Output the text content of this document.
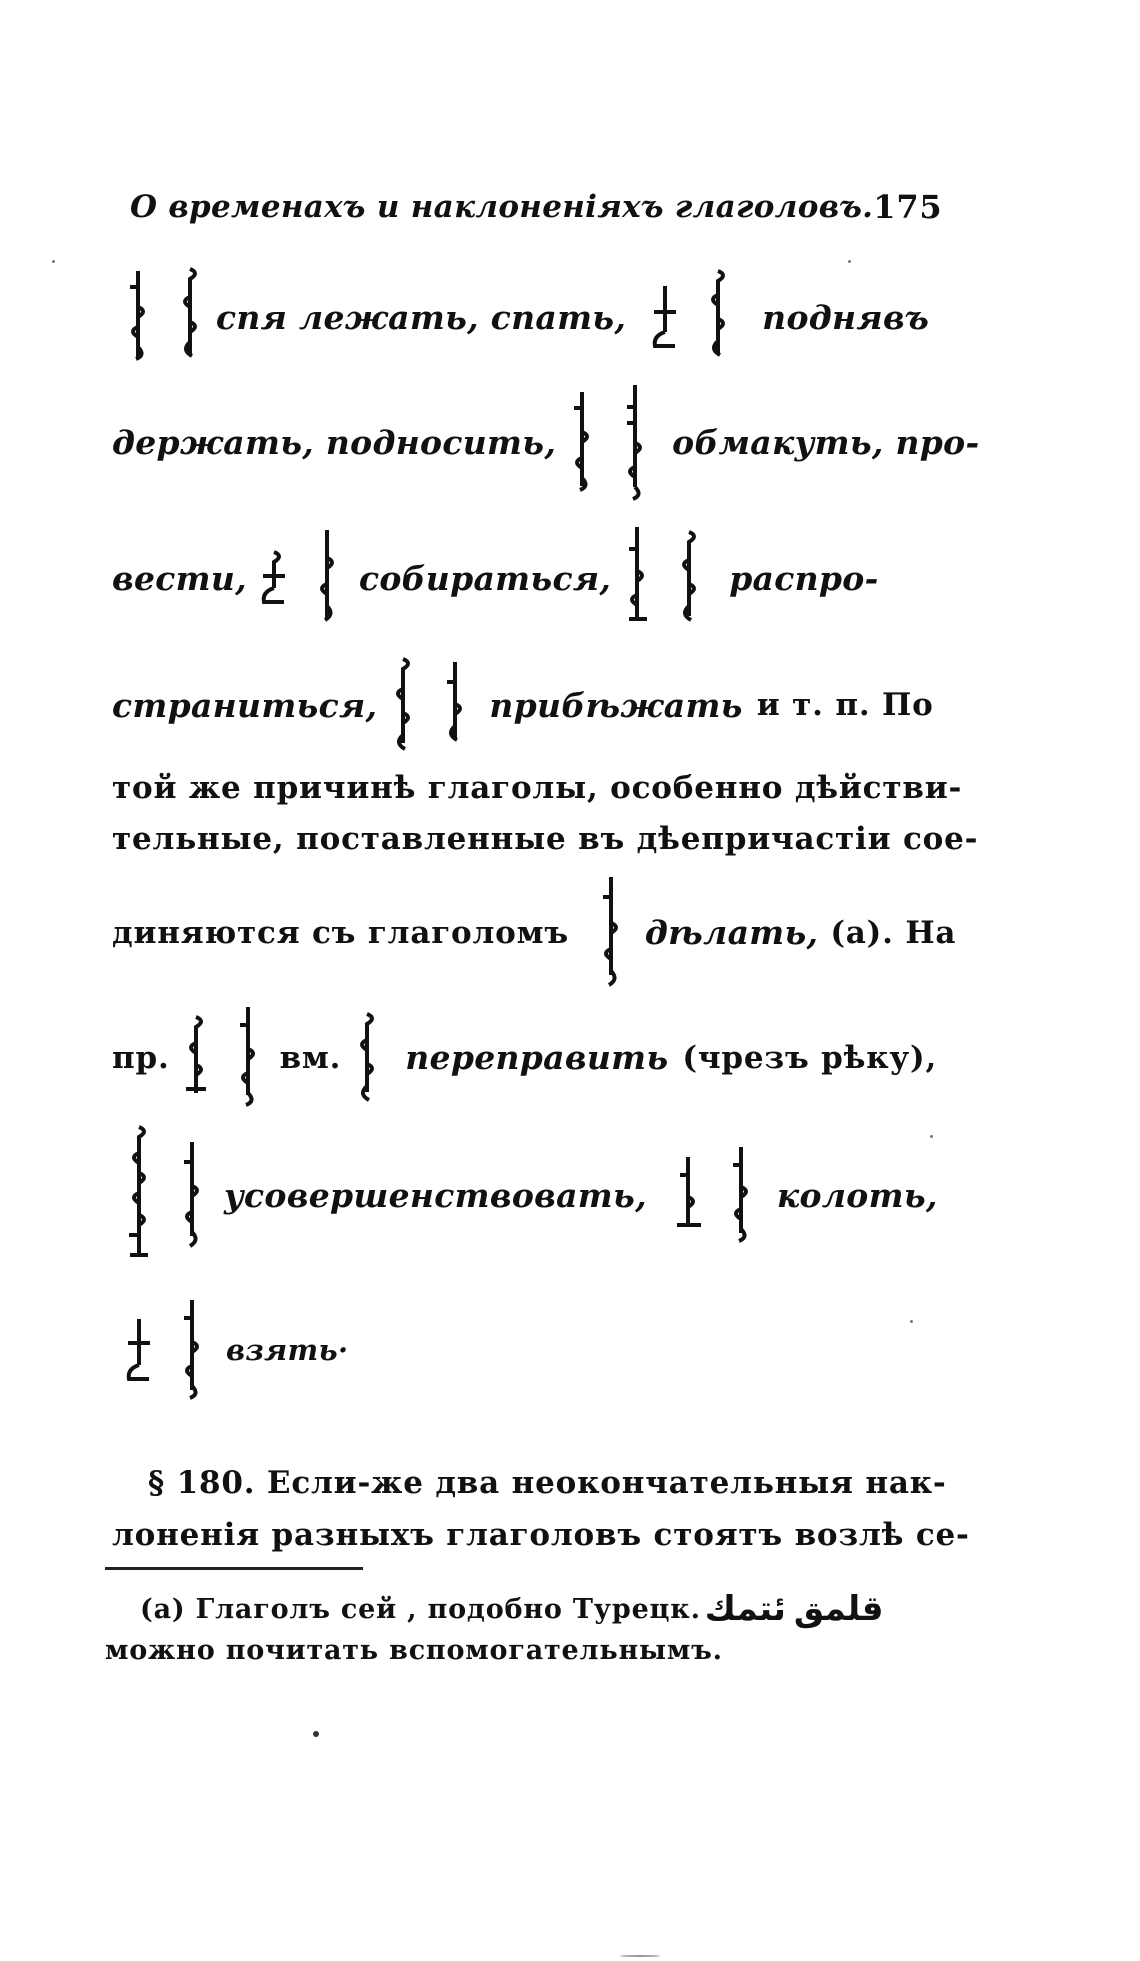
О временахъ и наклоненіяхъ глаголовъ. 175
спя лежать, спать,	поднявъ
держать, подносить,	обмакуть, про-
вести,	собираться,	распро-
страниться,	прибѣжать и т. п. По
той же причинѣ глаголы, особенно дѣйстви-
тельные, поставленные въ дѣепричастіи сое-
диняются съ глаголомъ дѣлать, (а). На
пр.	вм. переправить (чрезъ рѣку),
усовершенствовать,	колоть,
взять·
§ 180. Если-же два неокончательныя нак-
лоненія разныхъ глаголовъ стоятъ возлѣ се-
(а) Глаголъ сей , подобно Турецк. ئتمك قلمق
можно почитать вспомогательнымъ.
